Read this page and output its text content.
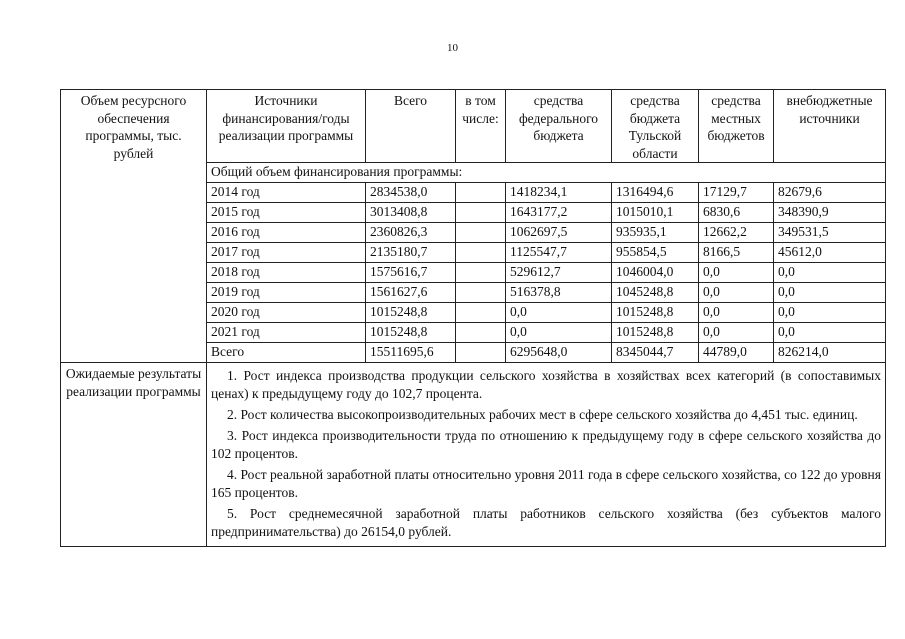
10
Объем ресурсного обеспечения программы, тыс. рублей	Источники финансирования/годы реализации программы	Всего	в том числе:	средства федерального бюджета	средства бюджета Тульской области	средства местных бюджетов	внебюджетные источники
	Общий объем финансирования программы:						
	2014 год	2834538,0		1418234,1	1316494,6	17129,7	82679,6
	2015 год	3013408,8		1643177,2	1015010,1	6830,6	348390,9
	2016 год	2360826,3		1062697,5	935935,1	12662,2	349531,5
	2017 год	2135180,7		1125547,7	955854,5	8166,5	45612,0
	2018 год	1575616,7		529612,7	1046004,0	0,0	0,0
	2019 год	1561627,6		516378,8	1045248,8	0,0	0,0
	2020 год	1015248,8		0,0	1015248,8	0,0	0,0
	2021 год	1015248,8		0,0	1015248,8	0,0	0,0
	Всего	15511695,6		6295648,0	8345044,7	44789,0	826214,0
Ожидаемые результаты реализации программы	1. Рост индекса производства продукции сельского хозяйства в хозяйствах всех категорий (в сопоставимых ценах) к предыдущему году до 102,7 процента.

2. Рост количества высокопроизводительных рабочих мест в сфере сельского хозяйства до 4,451 тыс. единиц.

3. Рост индекса производительности труда по отношению к предыдущему году в сфере сельского хозяйства до 102 процентов.

4. Рост реальной заработной платы относительно уровня 2011 года в сфере сельского хозяйства, со 122 до уровня 165 процентов.

5. Рост среднемесячной заработной платы работников сельского хозяйства (без субъектов малого предпринимательства) до 26154,0 рублей.						
